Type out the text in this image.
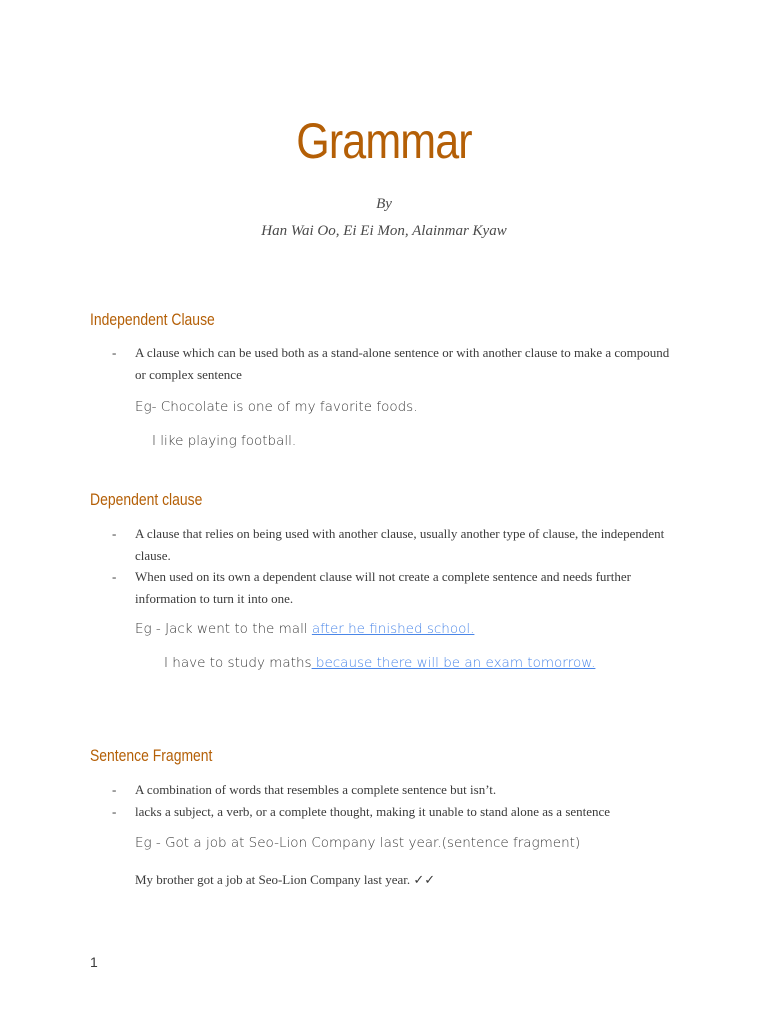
Grammar
By
Han Wai Oo, Ei Ei Mon, Alainmar Kyaw
Independent Clause
- A clause which can be used both as a stand-alone sentence or with another clause to make a compound or complex sentence
Eg- Chocolate is one of my favorite foods.
I like playing football.
Dependent clause
- A clause that relies on being used with another clause, usually another type of clause, the independent clause.
- When used on its own a dependent clause will not create a complete sentence and needs further information to turn it into one.
Eg - Jack went to the mall after he finished school.
I have to study maths because there will be an exam tomorrow.
Sentence Fragment
- A combination of words that resembles a complete sentence but isn’t.
- lacks a subject, a verb, or a complete thought, making it unable to stand alone as a sentence
Eg - Got a job at Seo-Lion Company last year.(sentence fragment)
My brother got a job at Seo-Lion Company last year. ✓✓
1
